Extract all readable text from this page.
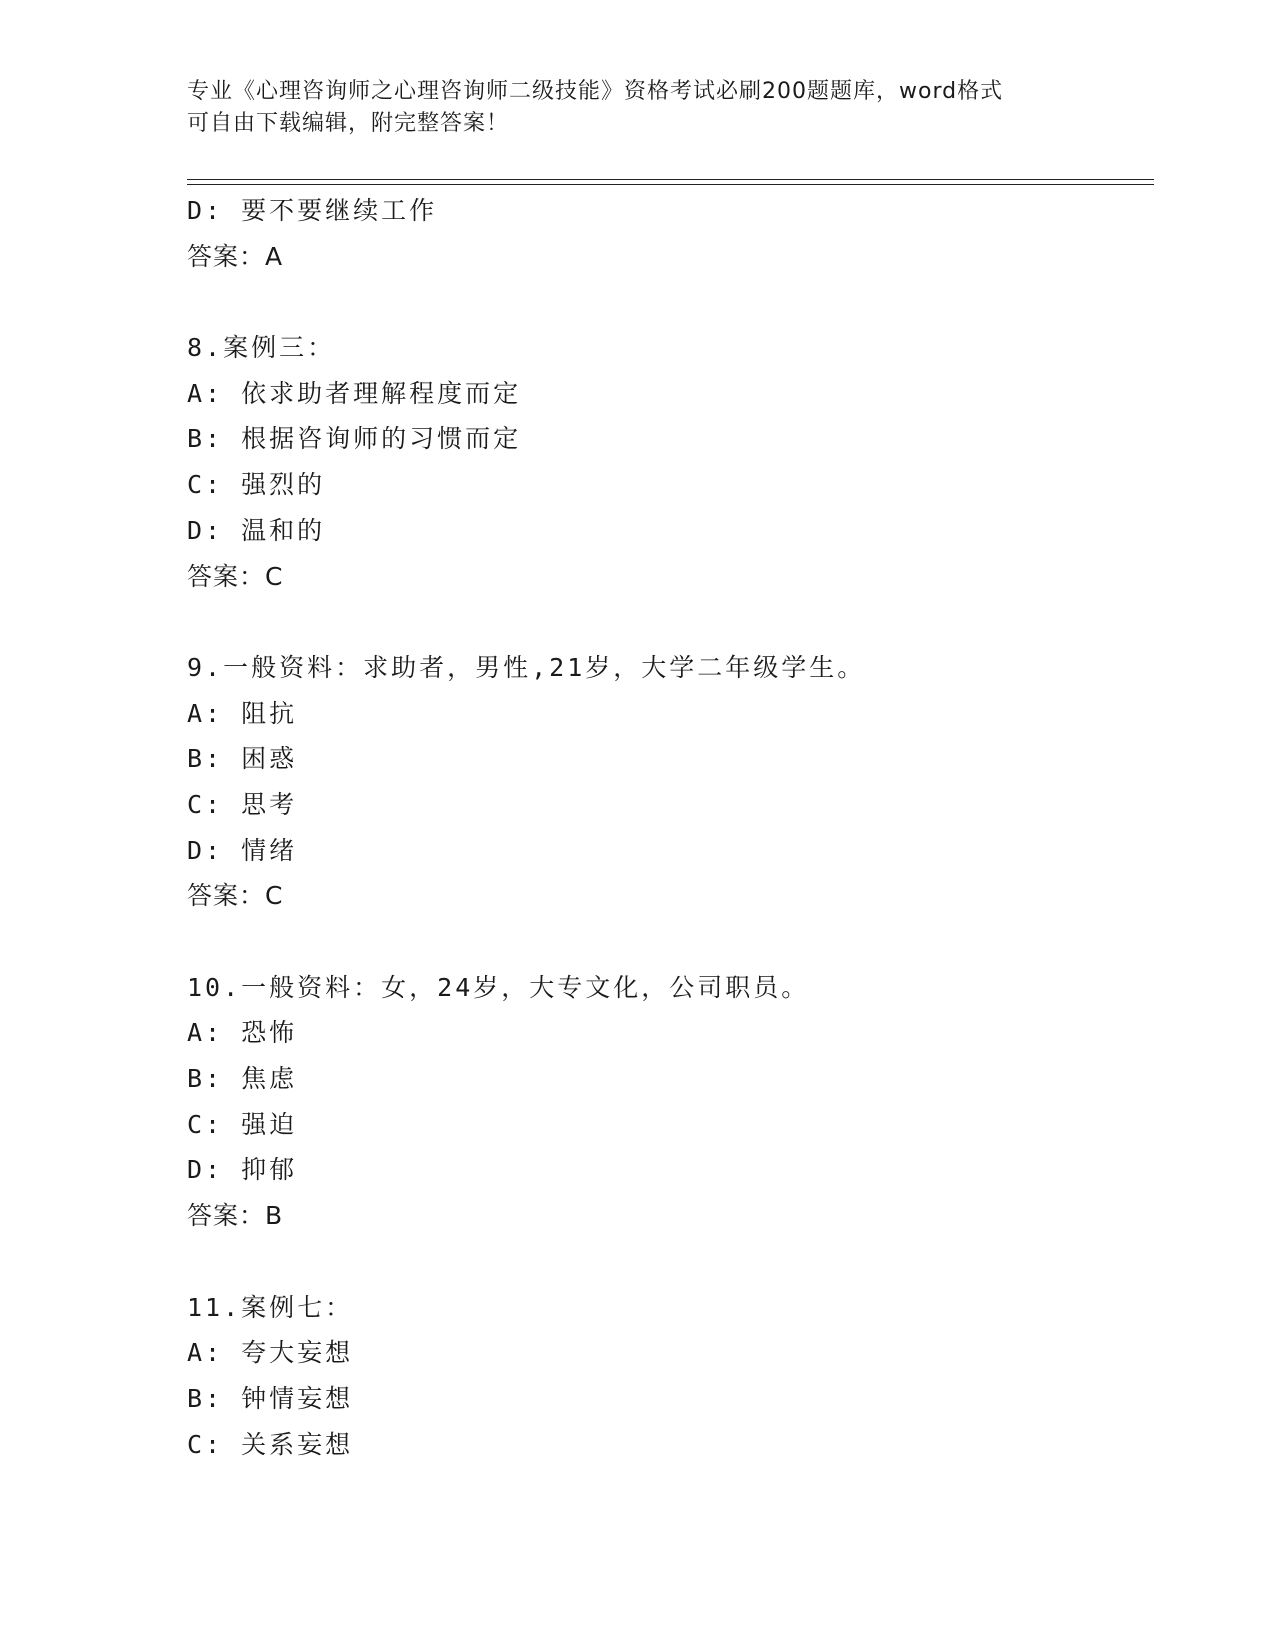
专业《心理咨询师之心理咨询师二级技能》资格考试必刷200题题库，word格式
可自由下载编辑，附完整答案！
D: 要不要继续工作
答案：A
8.案例三：
A: 依求助者理解程度而定
B: 根据咨询师的习惯而定
C: 强烈的
D: 温和的
答案：C
9.一般资料：求助者，男性,21岁，大学二年级学生。
A: 阻抗
B: 困惑
C: 思考
D: 情绪
答案：C
10.一般资料：女，24岁，大专文化，公司职员。
A: 恐怖
B: 焦虑
C: 强迫
D: 抑郁
答案：B
11.案例七：
A: 夸大妄想
B: 钟情妄想
C: 关系妄想
